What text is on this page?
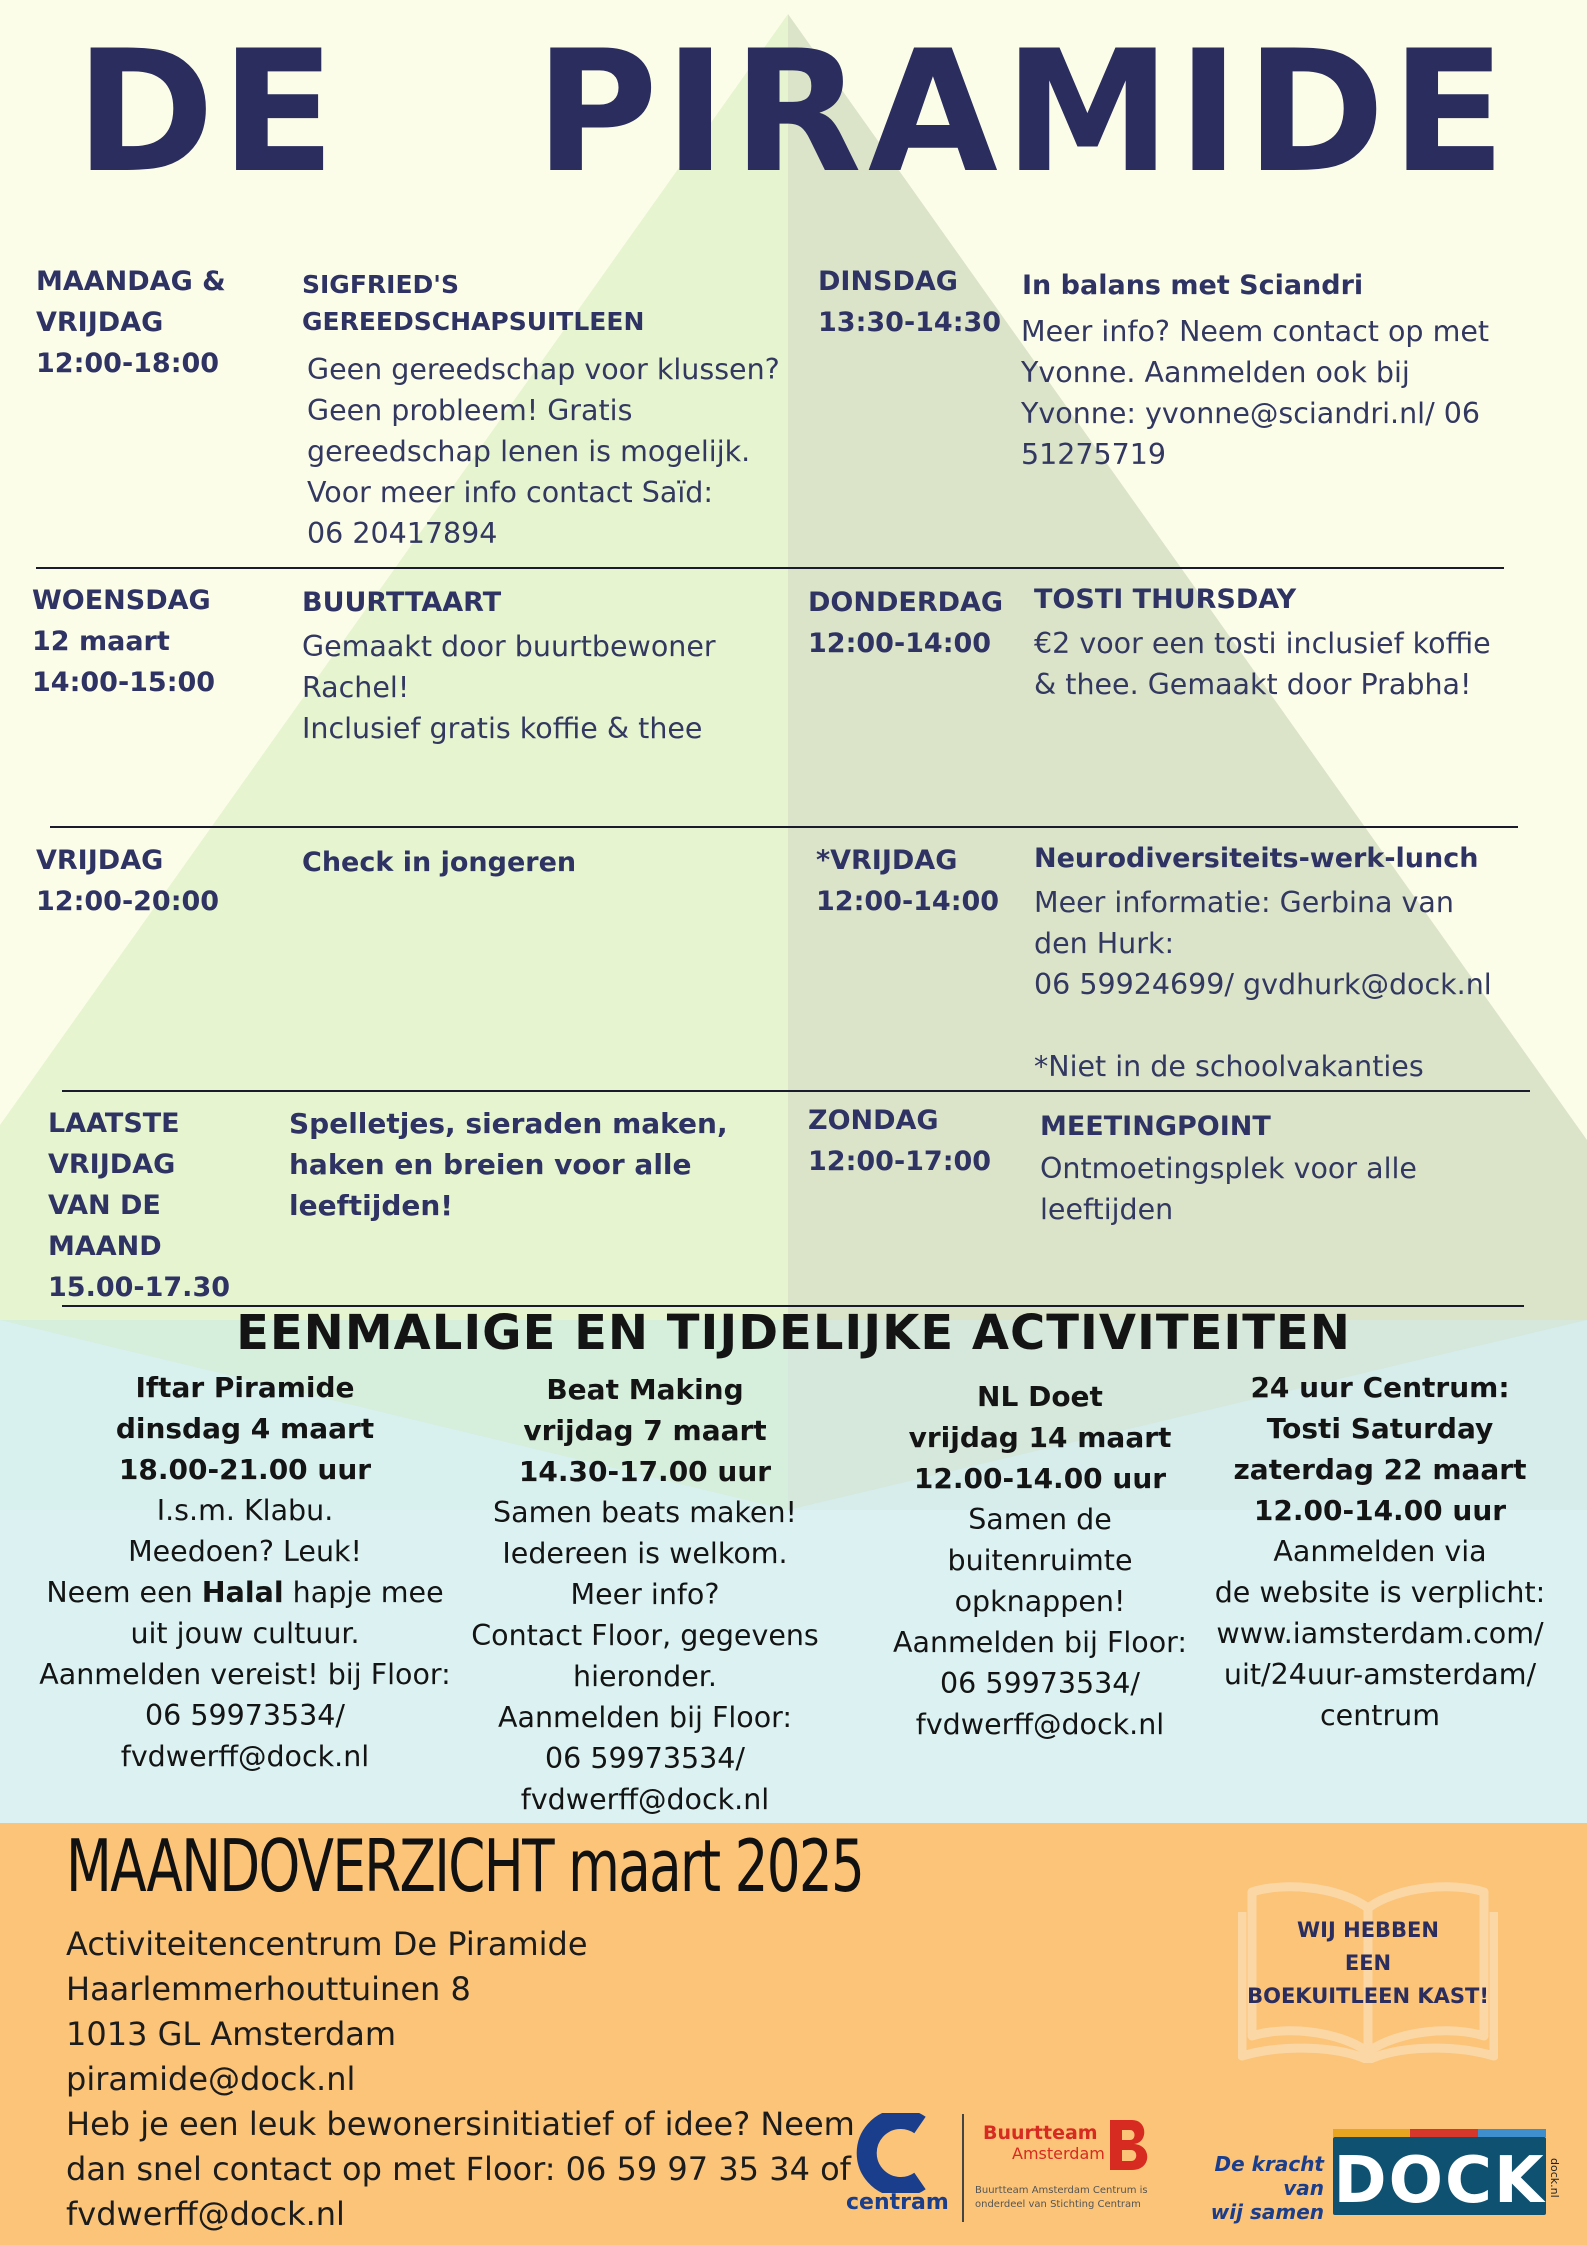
DE   PIRAMIDE
MAANDAG &
VRIJDAG
12:00-18:00
SIGFRIED'S
GEREEDSCHAPSUITLEEN
Geen gereedschap voor klussen?
Geen probleem! Gratis
gereedschap lenen is mogelijk.
Voor meer info contact Saïd:
06 20417894
DINSDAG
13:30-14:30
In balans met Sciandri
Meer info? Neem contact op met
Yvonne. Aanmelden ook bij
Yvonne: yvonne@sciandri.nl/ 06
51275719
WOENSDAG
12 maart
14:00-15:00
BUURTTAART
Gemaakt door buurtbewoner
Rachel!
Inclusief gratis koffie & thee
DONDERDAG
12:00-14:00
TOSTI THURSDAY
€2 voor een tosti inclusief koffie
& thee. Gemaakt door Prabha!
VRIJDAG
12:00-20:00
Check in jongeren	*VRIJDAG
12:00-14:00
Neurodiversiteits-werk-lunch
Meer informatie: Gerbina van
den Hurk:
06 59924699/ gvdhurk@dock.nl

*Niet in de schoolvakanties
LAATSTE
VRIJDAG
VAN DE
MAAND
15.00-17.30
Spelletjes, sieraden maken,
haken en breien voor alle
leeftijden!
ZONDAG
12:00-17:00
MEETINGPOINT
Ontmoetingsplek voor alle
leeftijden
EENMALIGE EN TIJDELIJKE ACTIVITEITEN
Iftar Piramide
dinsdag 4 maart
18.00-21.00 uur
I.s.m. Klabu.
Meedoen? Leuk!
Neem een Halal hapje mee
uit jouw cultuur.
Aanmelden vereist! bij Floor:
06 59973534/
fvdwerff@dock.nl
Beat Making
vrijdag 7 maart
14.30-17.00 uur
Samen beats maken!
Iedereen is welkom.
Meer info?
Contact Floor, gegevens
hieronder.
Aanmelden bij Floor:
06 59973534/
fvdwerff@dock.nl
NL Doet
vrijdag 14 maart
12.00-14.00 uur
Samen de
buitenruimte
opknappen!
Aanmelden bij Floor:
06 59973534/
fvdwerff@dock.nl
24 uur Centrum:
Tosti Saturday
zaterdag 22 maart
12.00-14.00 uur
Aanmelden via
de website is verplicht:
www.iamsterdam.com/
uit/24uur-amsterdam/
centrum
MAANDOVERZICHT maart 2025
Activiteitencentrum De Piramide
Haarlemmerhouttuinen 8
1013 GL Amsterdam
piramide@dock.nl
Heb je een leuk bewonersinitiatief of idee? Neem
dan snel contact op met Floor: 06 59 97 35 34 of
fvdwerff@dock.nl
WIJ HEBBEN
EEN
BOEKUITLEEN KAST!
centram
Buurtteam
Amsterdam
Buurtteam Amsterdam Centrum is
onderdeel van Stichting Centram
De kracht van
wij samen DOCK dock.nl
